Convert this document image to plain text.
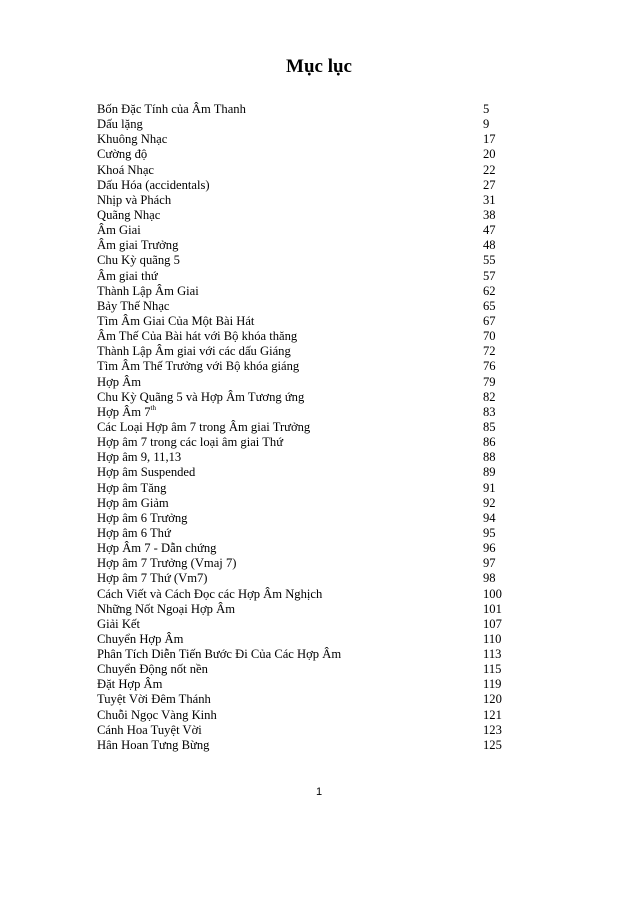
Mục lục
Bốn Đặc Tính của Âm Thanh	5
Dấu lặng	9
Khuông Nhạc	17
Cường độ	20
Khoá Nhạc	22
Dấu Hóa (accidentals)	27
Nhịp và Phách	31
Quãng Nhạc	38
Âm Giai	47
Âm giai Trưởng	48
Chu Kỳ quãng 5	55
Âm giai thứ	57
Thành Lập Âm Giai	62
Bảy Thế Nhạc	65
Tìm Âm Giai Của Một Bài Hát	67
Âm Thế Của Bài hát với Bộ khóa thăng	70
Thành Lập Âm giai với các dấu Giáng	72
Tìm Âm Thế Trưởng với Bộ khóa giáng	76
Hợp Âm	79
Chu Kỳ Quãng 5 và Hợp Âm Tương ứng	82
Hợp Âm 7th	83
Các Loại Hợp âm 7 trong Âm giai Trưởng	85
Hợp âm 7 trong các loại âm giai Thứ	86
Hợp âm 9, 11,13	88
Hợp âm Suspended	89
Hợp âm Tăng	91
Hợp âm Giảm	92
Hợp âm 6 Trưởng	94
Hợp âm 6 Thứ	95
Hợp Âm 7 - Dẫn chứng	96
Hợp âm 7 Trưởng (Vmaj 7)	97
Hợp âm 7 Thứ (Vm7)	98
Cách Viết và Cách Đọc các Hợp Âm Nghịch	100
Những Nốt Ngoại Hợp Âm	101
Giải Kết	107
Chuyển Hợp Âm	110
Phân Tích Diễn Tiến Bước Đi Của Các Hợp Âm	113
Chuyển Động nốt nền	115
Đặt Hợp Âm	119
Tuyệt Vời Đêm Thánh	120
Chuỗi Ngọc Vàng Kinh	121
Cánh Hoa Tuyệt Vời	123
Hân Hoan Tưng Bừng	125
1
